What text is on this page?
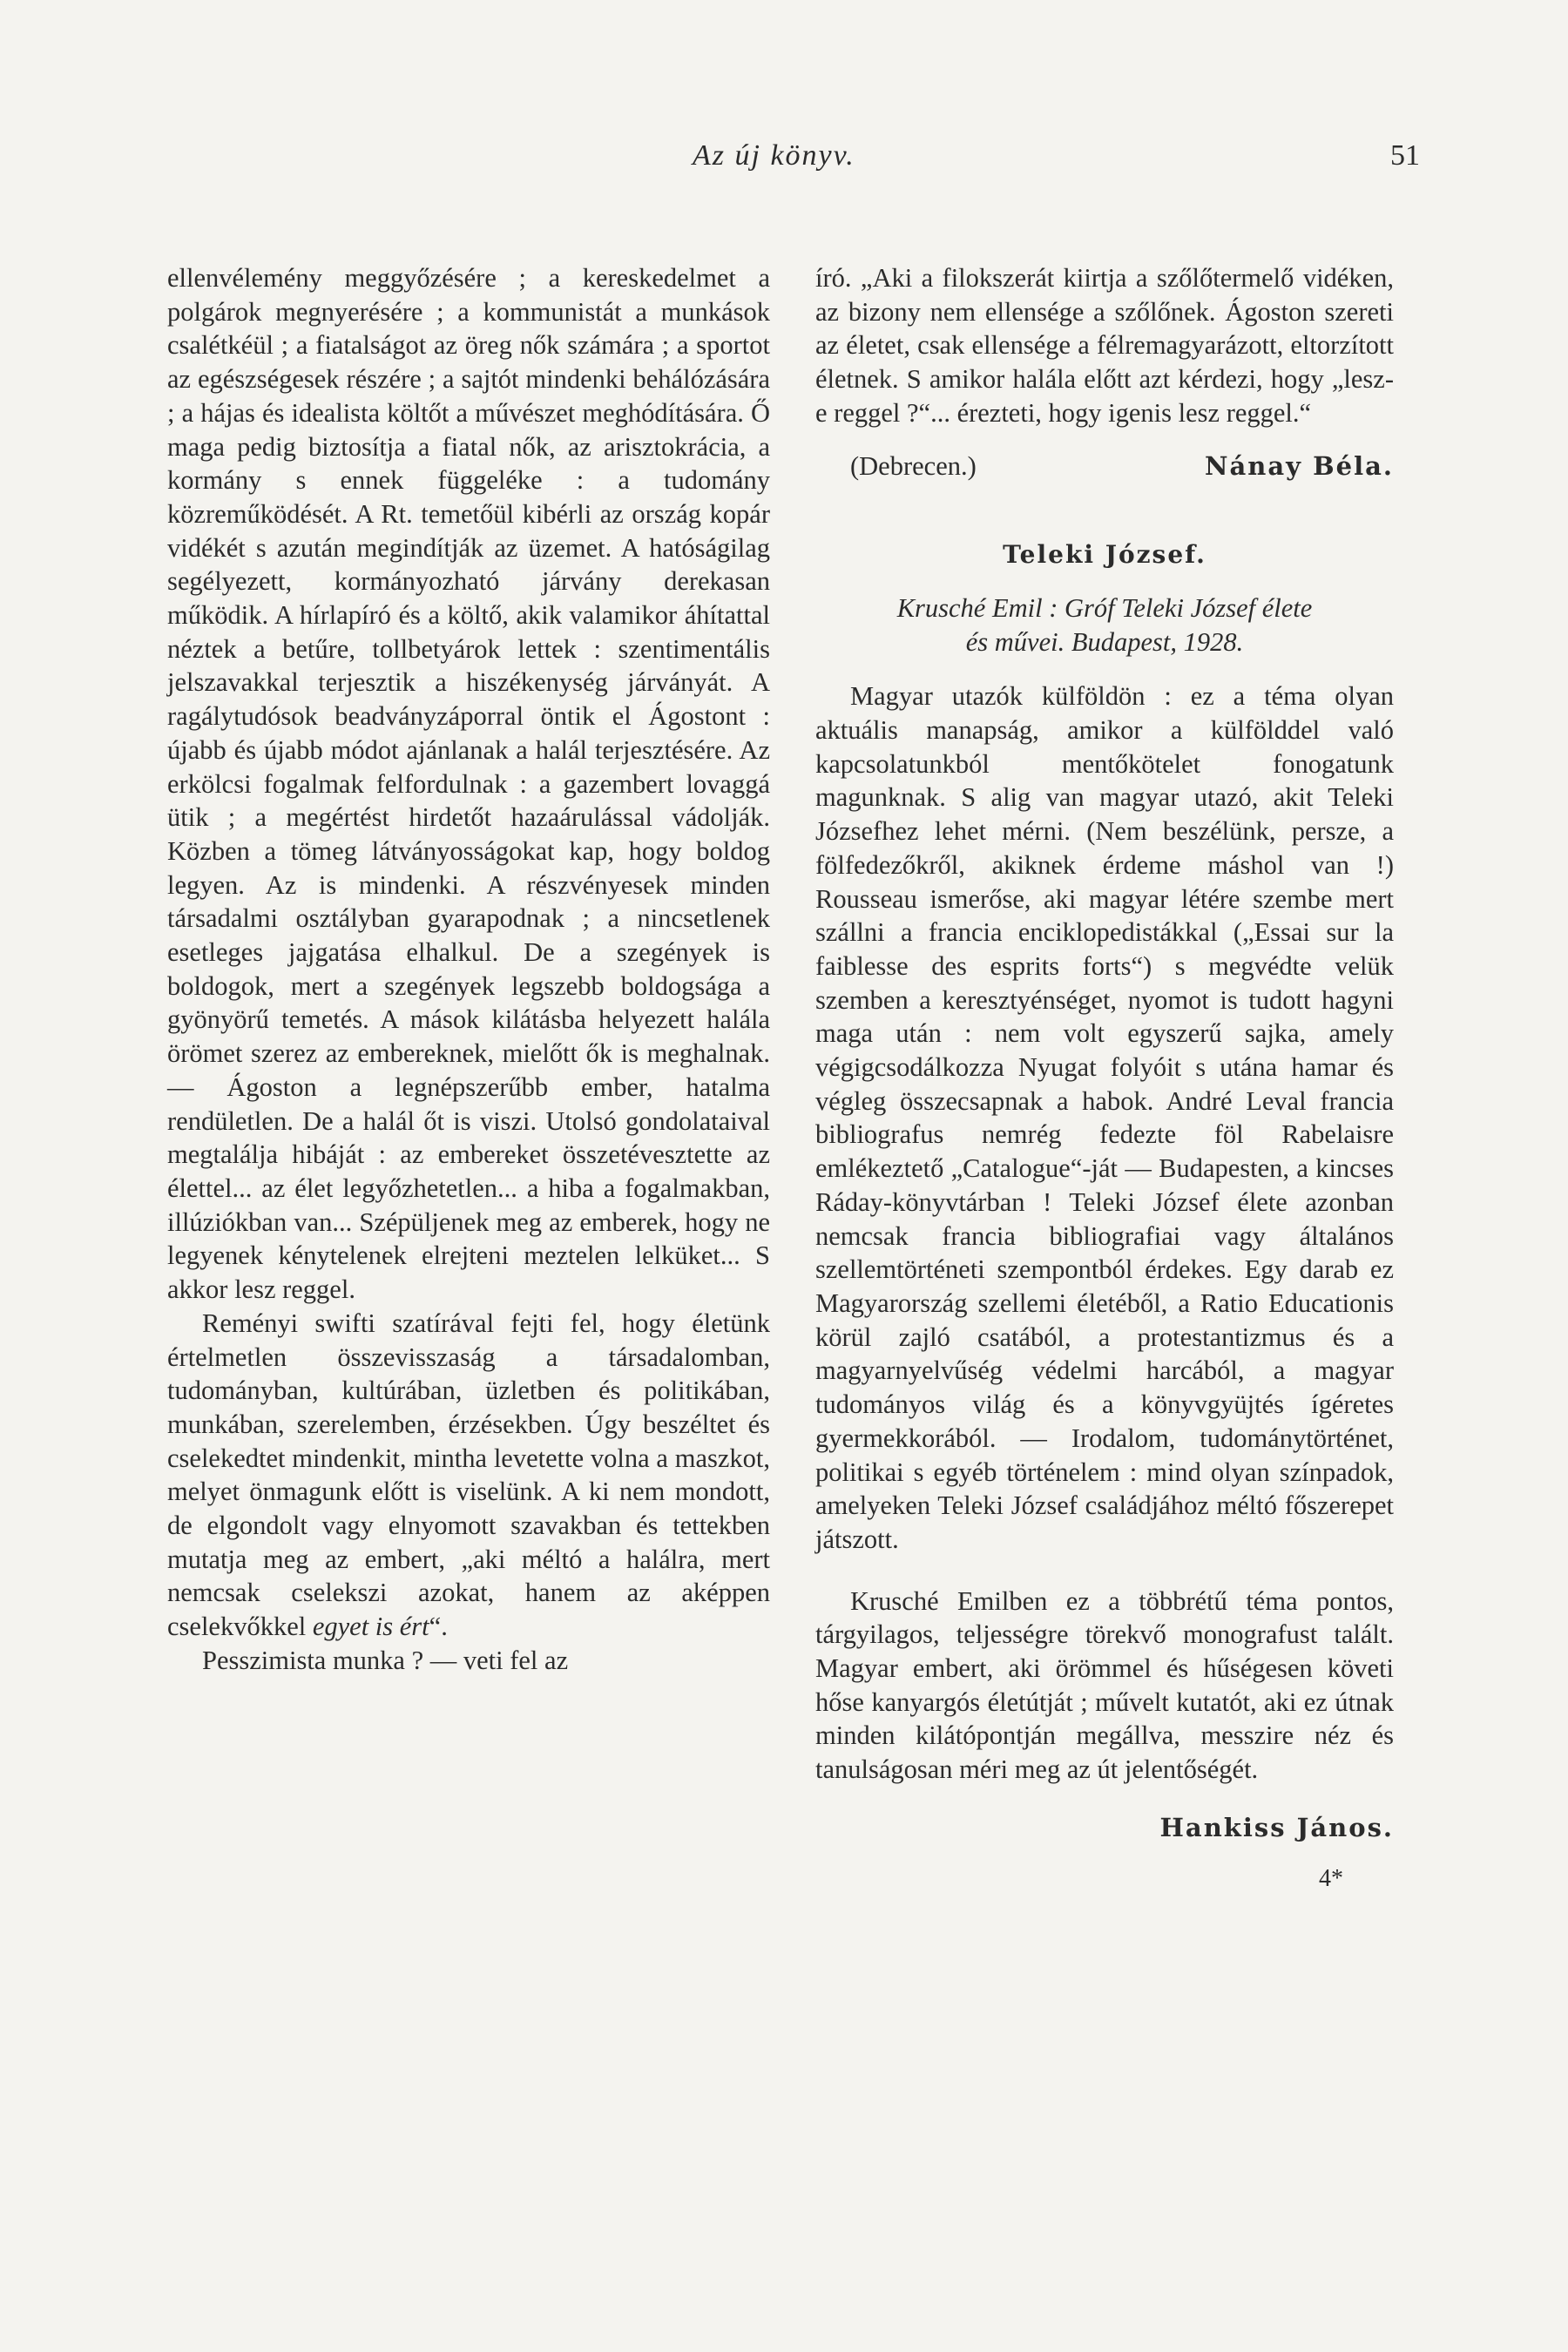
Az új könyv.	51

ellenvélemény meggyőzésére ; a kereskedelmet a polgárok megnyerésére ; a kommunistát a munkások csalétkéül ; a fiatalságot az öreg nők számára ; a sportot az egészségesek részére ; a sajtót mindenki behálózására ; a hájas és idealista költőt a művészet meghódítására. Ő maga pedig biztosítja a fiatal nők, az arisztokrácia, a kormány s ennek függeléke : a tudomány közreműködését. A Rt. temetőül kibérli az ország kopár vidékét s azután megindítják az üzemet. A hatóságilag segélyezett, kormányozható járvány derekasan működik. A hírlapíró és a költő, akik valamikor áhítattal néztek a betűre, tollbetyárok lettek : szentimentális jelszavakkal terjesztik a hiszékenység járványát. A ragálytudósok beadványzáporral öntik el Ágostont : újabb és újabb módot ajánlanak a halál terjesztésére. Az erkölcsi fogalmak felfordulnak : a gazembert lovaggá ütik ; a megértést hirdetőt hazaárulással vádolják. Közben a tömeg látványosságokat kap, hogy boldog legyen. Az is mindenki. A részvényesek minden társadalmi osztályban gyarapodnak ; a nincsetlenek esetleges jajgatása elhalkul. De a szegények is boldogok, mert a szegények legszebb boldogsága a gyönyörű temetés. A mások kilátásba helyezett halála örömet szerez az embereknek, mielőtt ők is meghalnak. — Ágoston a legnépszerűbb ember, hatalma rendületlen. De a halál őt is viszi. Utolsó gondolataival megtalálja hibáját : az embereket összetévesztette az élettel... az élet legyőzhetetlen... a hiba a fogalmakban, illúziókban van... Szépüljenek meg az emberek, hogy ne legyenek kénytelenek elrejteni meztelen lelküket... S akkor lesz reggel.

Reményi swifti szatírával fejti fel, hogy életünk értelmetlen összevisszaság a társadalomban, tudományban, kultúrában, üzletben és politikában, munkában, szerelemben, érzésekben. Úgy beszéltet és cselekedtet mindenkit, mintha levetette volna a maszkot, melyet önmagunk előtt is viselünk. A ki nem mondott, de elgondolt vagy elnyomott szavakban és tettekben mutatja meg az embert, „aki méltó a halálra, mert nemcsak cselekszi azokat, hanem az aképpen cselekvőkkel egyet is ért“.

Pesszimista munka ? — veti fel az

író. „Aki a filokszerát kiirtja a szőlőtermelő vidéken, az bizony nem ellensége a szőlőnek. Ágoston szereti az életet, csak ellensége a félremagyarázott, eltorzított életnek. S amikor halála előtt azt kérdezi, hogy „lesz-e reggel ?“... érezteti, hogy igenis lesz reggel.“

(Debrecen.)	Nánay Béla.
Teleki József.
Krusché Emil : Gróf Teleki József élete
és művei. Budapest, 1928.

Magyar utazók külföldön : ez a téma olyan aktuális manapság, amikor a külfölddel való kapcsolatunkból mentőkötelet fonogatunk magunknak. S alig van magyar utazó, akit Teleki Józsefhez lehet mérni. (Nem beszélünk, persze, a fölfedezőkről, akiknek érdeme máshol van !) Rousseau ismerőse, aki magyar létére szembe mert szállni a francia enciklopedistákkal („Essai sur la faiblesse des esprits forts“) s megvédte velük szemben a keresztyénséget, nyomot is tudott hagyni maga után : nem volt egyszerű sajka, amely végigcsodálkozza Nyugat folyóit s utána hamar és végleg összecsapnak a habok. André Leval francia bibliografus nemrég fedezte föl Rabelaisre emlékeztető „Catalogue“-ját — Budapesten, a kincses Ráday-könyvtárban ! Teleki József élete azonban nemcsak francia bibliografiai vagy általános szellemtörténeti szempontból érdekes. Egy darab ez Magyarország szellemi életéből, a Ratio Educationis körül zajló csatából, a protestantizmus és a magyarnyelvűség védelmi harcából, a magyar tudományos világ és a könyvgyüjtés ígéretes gyermekkorából. — Irodalom, tudománytörténet, politikai s egyéb történelem : mind olyan színpadok, amelyeken Teleki József családjához méltó főszerepet játszott.

Krusché Emilben ez a többrétű téma pontos, tárgyilagos, teljességre törekvő monografust talált. Magyar embert, aki örömmel és hűségesen követi hőse kanyargós életútját ; művelt kutatót, aki ez útnak minden kilátópontján megállva, messzire néz és tanulságosan méri meg az út jelentőségét.

Hankiss János.
4*
